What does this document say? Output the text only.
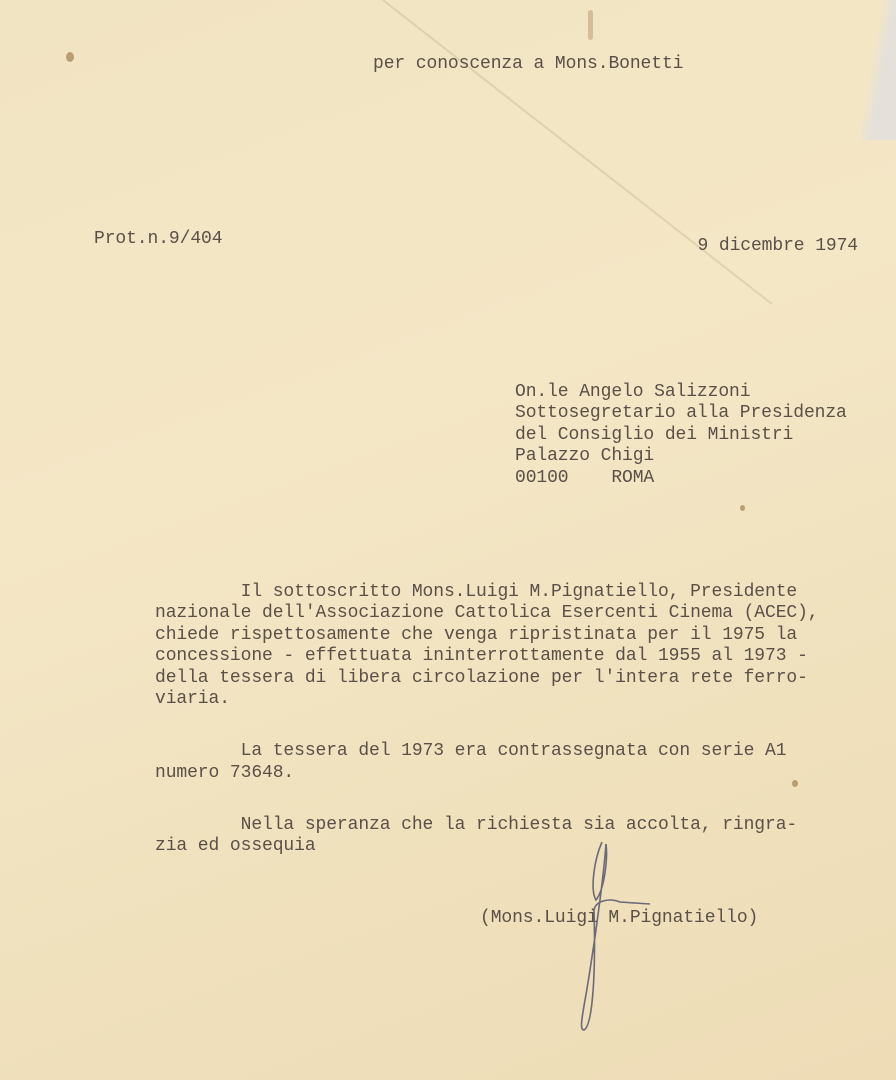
per conoscenza a Mons.Bonetti
Prot.n.9/404	9 dicembre 1974

On.le Angelo Salizzoni
Sottosegretario alla Presidenza
del Consiglio dei Ministri
Palazzo Chigi
00100    ROMA

Il sottoscritto Mons.Luigi M.Pignatiello, Presidente
nazionale dell'Associazione Cattolica Esercenti Cinema (ACEC),
chiede rispettosamente che venga ripristinata per il 1975 la
concessione - effettuata ininterrottamente dal 1955 al 1973 -
della tessera di libera circolazione per l'intera rete ferro-
viaria.

La tessera del 1973 era contrassegnata con serie A1
numero 73648.

Nella speranza che la richiesta sia accolta, ringra-
zia ed ossequia

(Mons.Luigi M.Pignatiello)
